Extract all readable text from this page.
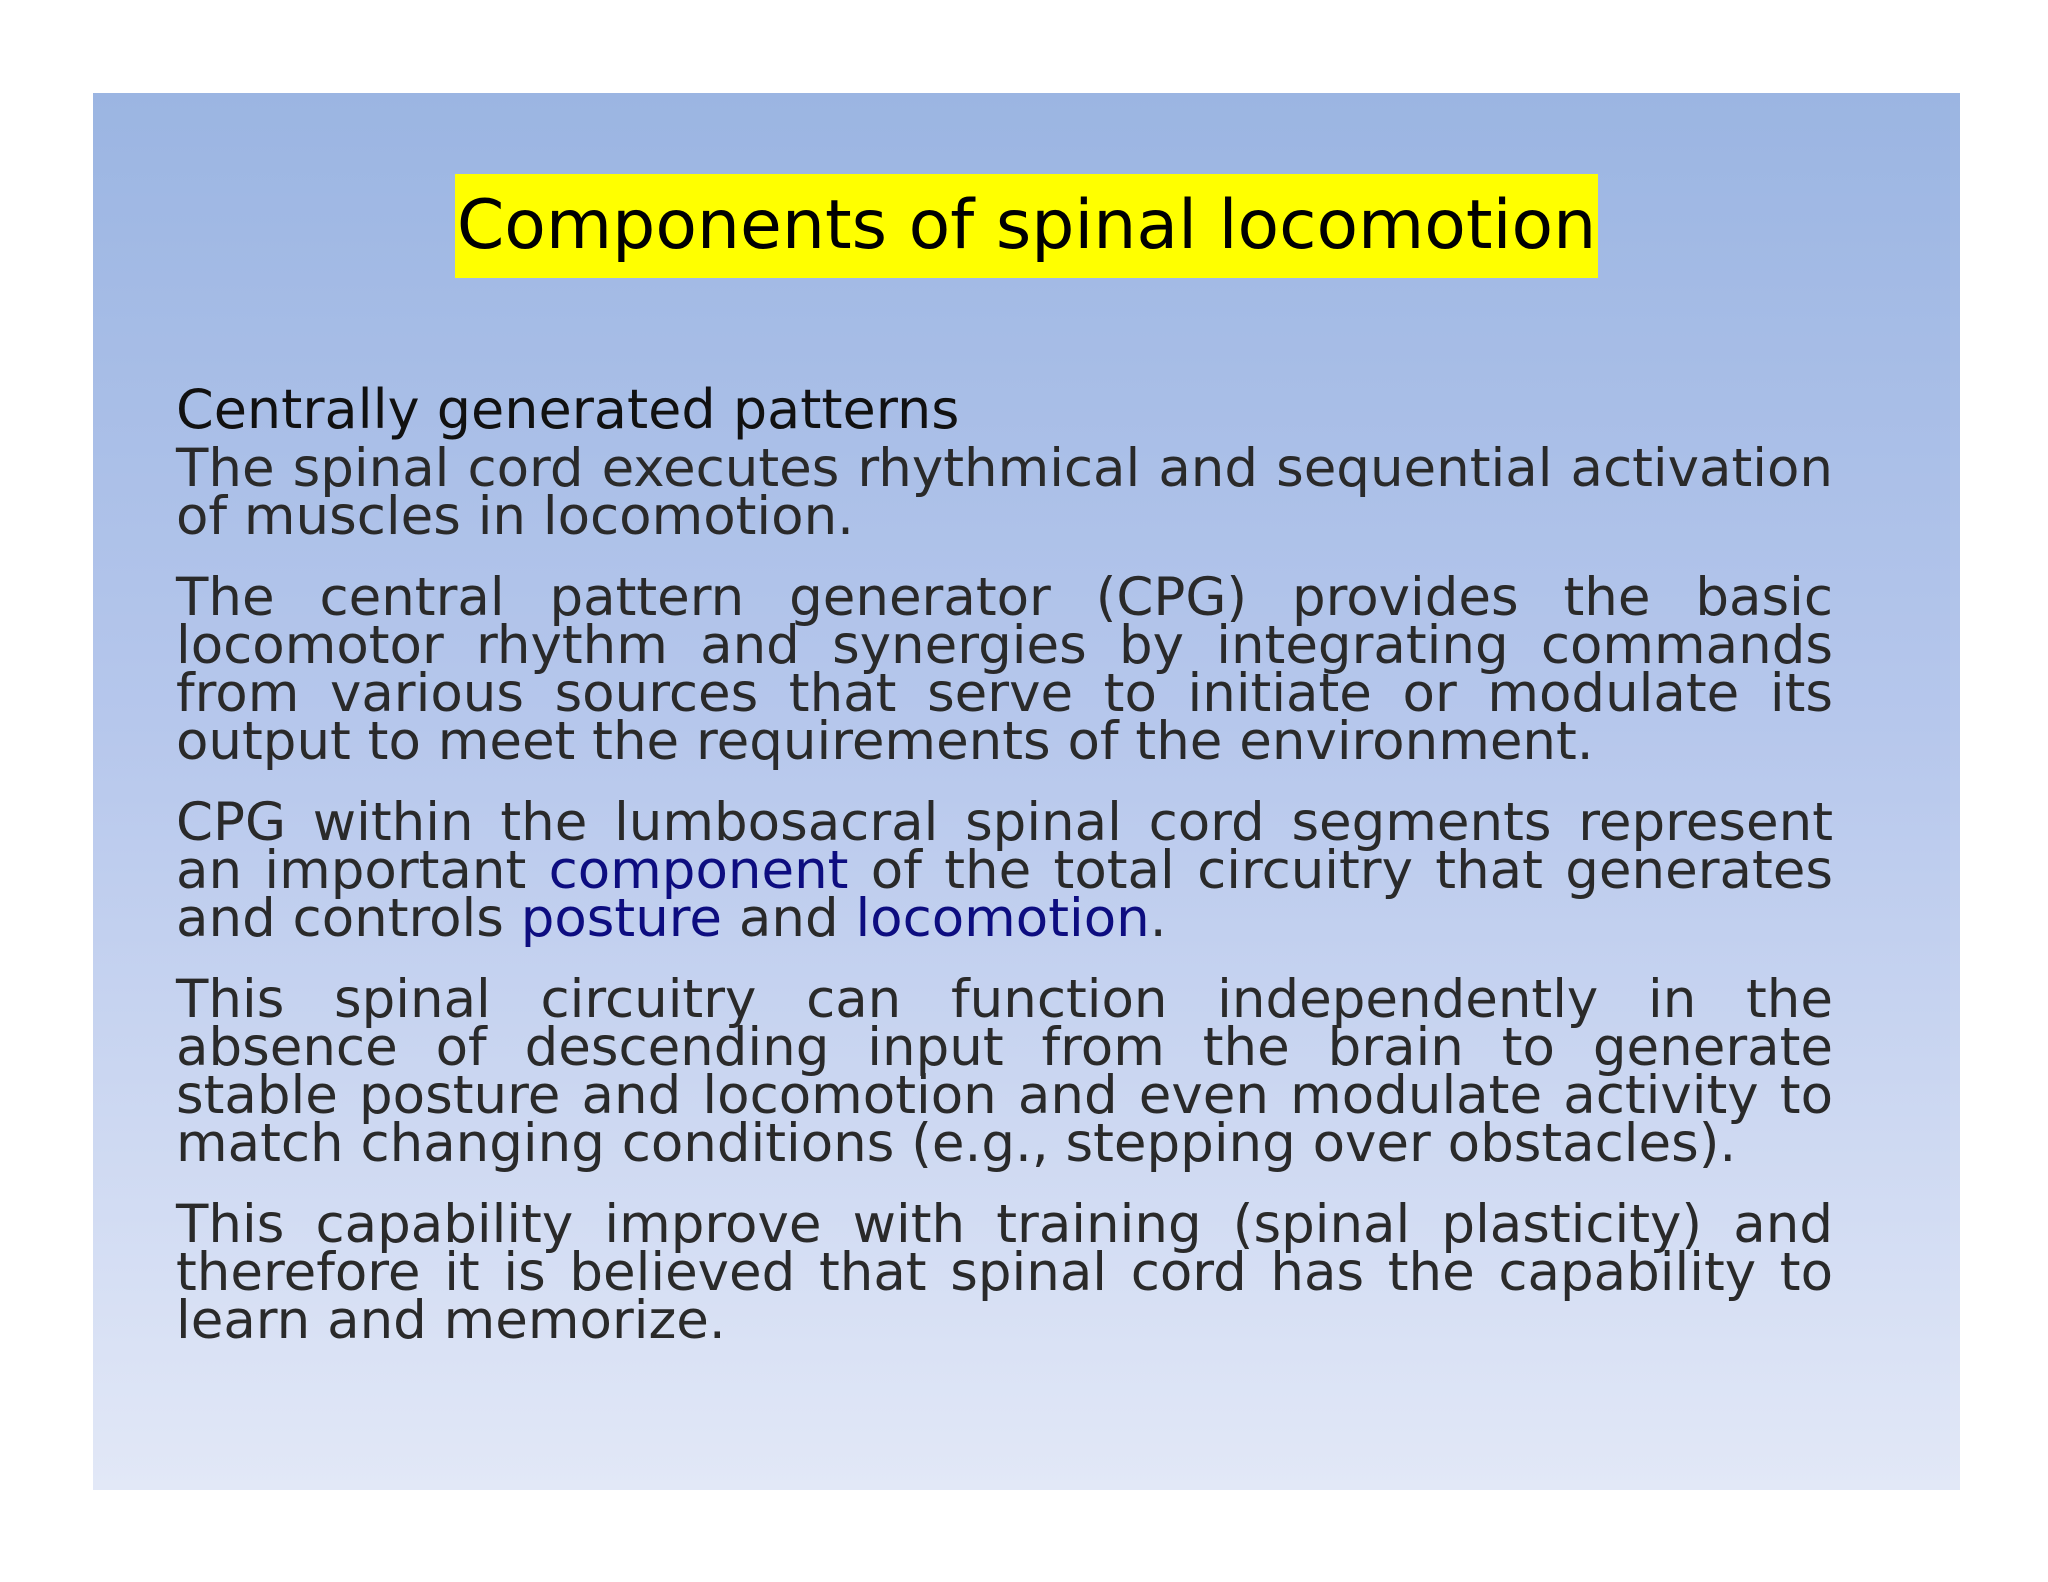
Components of spinal locomotion
Centrally generated patterns

The spinal cord executes rhythmical and sequential activation of muscles in locomotion.

The central pattern generator (CPG) provides the basic locomotor rhythm and synergies by integrating commands from various sources that serve to initiate or modulate its output to meet the requirements of the environment.

CPG within the lumbosacral spinal cord segments represent an important component of the total circuitry that generates and controls posture and locomotion.

This spinal circuitry can function independently in the absence of descending input from the brain to generate stable posture and locomotion and even modulate activity to match changing conditions (e.g., stepping over obstacles).

This capability improve with training (spinal plasticity) and therefore it is believed that spinal cord has the capability to learn and memorize.
